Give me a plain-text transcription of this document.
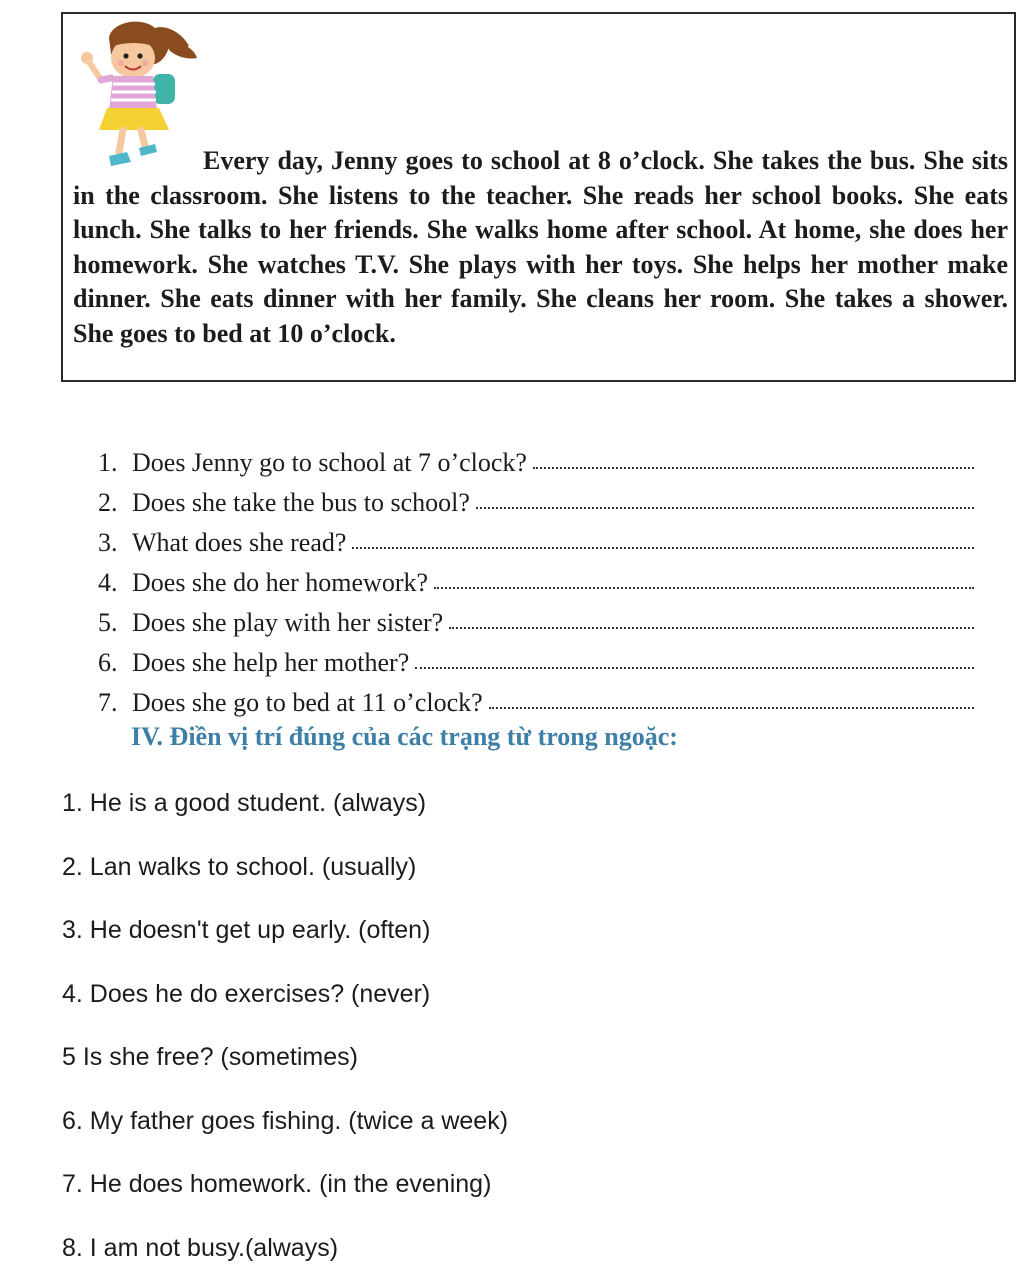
Every day, Jenny goes to school at 8 o’clock. She takes the bus. She sits in the classroom. She listens to the teacher. She reads her school books. She eats lunch. She talks to her friends. She walks home after school. At home, she does her homework. She watches T.V. She plays with her toys. She helps her mother make dinner. She eats dinner with her family. She cleans her room. She takes a shower. She goes to bed at 10 o’clock.

1. Does Jenny go to school at 7 o’clock?
2. Does she take the bus to school?
3. What does she read?
4. Does she do her homework?
5. Does she play with her sister?
6. Does she help her mother?
7. Does she go to bed at 11 o’clock?
IV. Điền vị trí đúng của các trạng từ trong ngoặc:
1. He is a good student. (always)
2. Lan walks to school. (usually)
3. He doesn't get up early. (often)
4. Does he do exercises? (never)
5 Is she free? (sometimes)
6. My father goes fishing. (twice a week)
7. He does homework. (in the evening)
8. I am not busy.(always)
